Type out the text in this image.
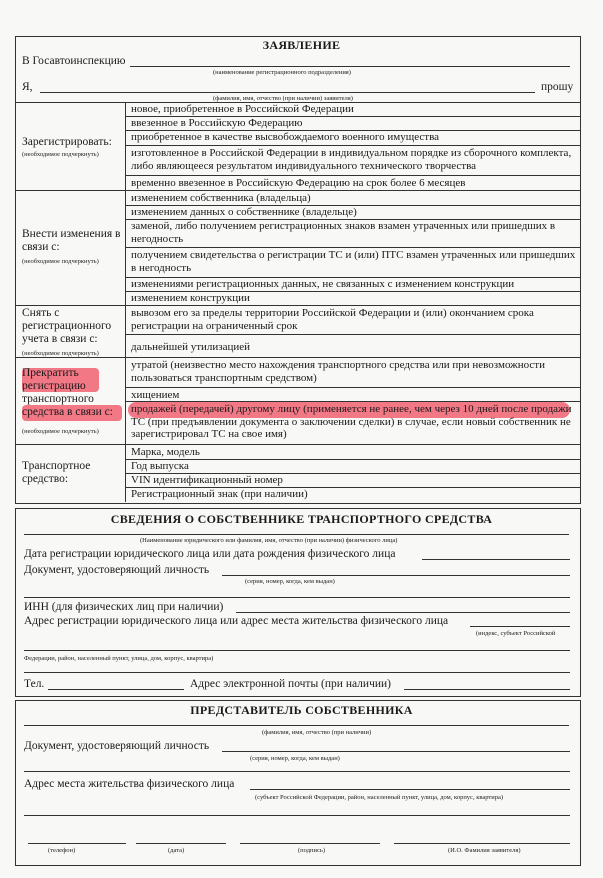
ЗАЯВЛЕНИЕ
В Госавтоинспекцию
(наименование регистрационного подразделения)
Я,	прошу
(фамилия, имя, отчество (при наличии) заявителя)
Зарегистрировать:
(необходимое подчеркнуть)
новое, приобретенное в Российской Федерации
ввезенное в Российскую Федерацию
приобретенное в качестве высвобождаемого военного имущества
изготовленное в Российской Федерации в индивидуальном порядке из сборочного комплекта, либо являющееся результатом индивидуального технического творчества
временно ввезенное в Российскую Федерацию на срок более 6 месяцев
Внести изменения в связи с:
(необходимое подчеркнуть)
изменением собственника (владельца)
изменением данных о собственнике (владельце)
заменой, либо получением регистрационных знаков взамен утраченных или пришедших в негодность
получением свидетельства о регистрации ТС и (или) ПТС взамен утраченных или пришедших в негодность
изменениями регистрационных данных, не связанных с изменением конструкции
изменением конструкции
Снять с регистрационного учета в связи с:
(необходимое подчеркнуть)
вывозом его за пределы территории Российской Федерации и (или) окончанием срока регистрации на ограниченный срок
дальнейшей утилизацией
Прекратить регистрацию транспортного средства в связи с:
(необходимое подчеркнуть)
утратой (неизвестно место нахождения транспортного средства или при невозможности пользоваться транспортным средством)
хищением
продажей (передачей) другому лицу (применяется не ранее, чем через 10 дней после продажи ТС (при предъявлении документа о заключении сделки) в случае, если новый собственник не зарегистрировал ТС на свое имя)
Транспортное средство:
Марка, модель
Год выпуска
VIN идентификационный номер
Регистрационный знак (при наличии)
СВЕДЕНИЯ О СОБСТВЕННИКЕ ТРАНСПОРТНОГО СРЕДСТВА
(Наименование юридического или фамилия, имя, отчество (при наличии) физического лица)
Дата регистрации юридического лица или дата рождения физического лица
Документ, удостоверяющий личность
(серия, номер, когда, кем выдан)
ИНН (для физических лиц при наличии)
Адрес регистрации юридического лица или адрес места жительства физического лица
(индекс, субъект Российской
Федерации, район, населенный пункт, улица, дом, корпус, квартира)
Тел.	Адрес электронной почты (при наличии)
ПРЕДСТАВИТЕЛЬ СОБСТВЕННИКА
(фамилия, имя, отчество (при наличии)
Документ, удостоверяющий личность
(серия, номер, когда, кем выдан)
Адрес места жительства физического лица
(субъект Российской Федерации, район, населенный пункт, улица, дом, корпус, квартира)
(телефон)	(дата)	(подпись)	(И.О. Фамилия заявителя)
